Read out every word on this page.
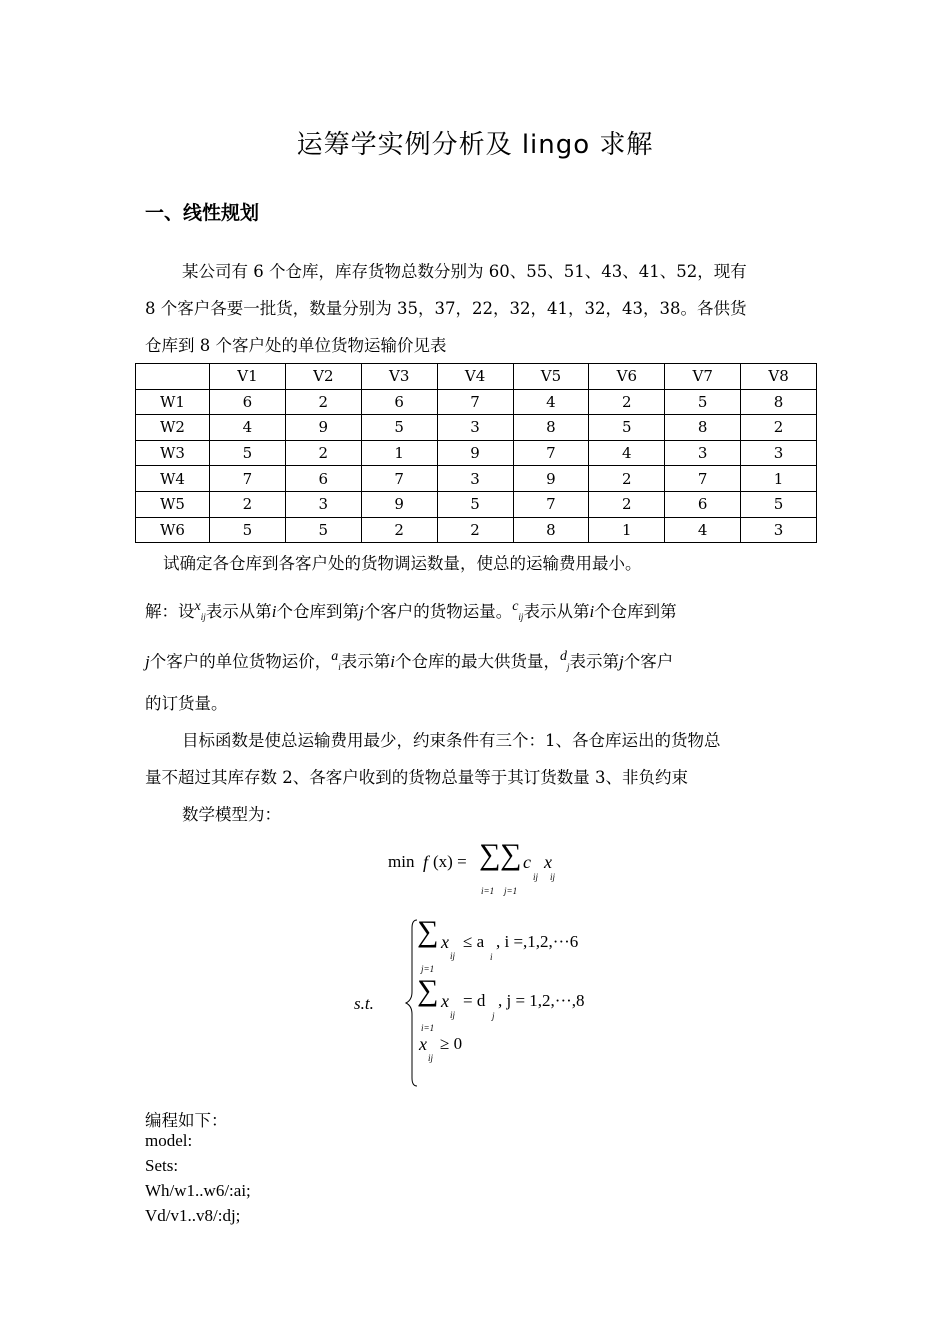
运筹学实例分析及 lingo 求解
一、线性规划
某公司有 6 个仓库，库存货物总数分别为 60、55、51、43、41、52，现有
8 个客户各要一批货，数量分别为 35，37，22，32，41，32，43，38。各供货
仓库到 8 个客户处的单位货物运输价见表
	V1	V2	V3	V4	V5	V6	V7	V8
W1	6	2	6	7	4	2	5	8
W2	4	9	5	3	8	5	8	2
W3	5	2	1	9	7	4	3	3
W4	7	6	7	3	9	2	7	1
W5	2	3	9	5	7	2	6	5
W6	5	5	2	2	8	1	4	3
试确定各仓库到各客户处的货物调运数量，使总的运输费用最小。
解：设$^x_{ij}$表示从第i个仓库到第j个客户的货物运量。$^c_{ij}$表示从第i个仓库到第
j个客户的单位货物运价，$^a_i$表示第i个仓库的最大供货量，$^d_j$表示第j个客户
的订货量。
目标函数是使总运输费用最少，约束条件有三个：1、各仓库运出的货物总
量不超过其库存数 2、各客户收到的货物总量等于其订货数量 3、非负约束
数学模型为：
min f (x) = ∑ ∑ c
ij
x
ij
i=1 j=1
s.t.
∑ x
ij
≤ a
i
, i =,1,2,···6
j=1
∑ x
ij
= d
j
, j = 1,2,···,8
i=1
x
ij
≥ 0
编程如下：
model:
Sets:
Wh/w1..w6/:ai;
Vd/v1..v8/:dj;
